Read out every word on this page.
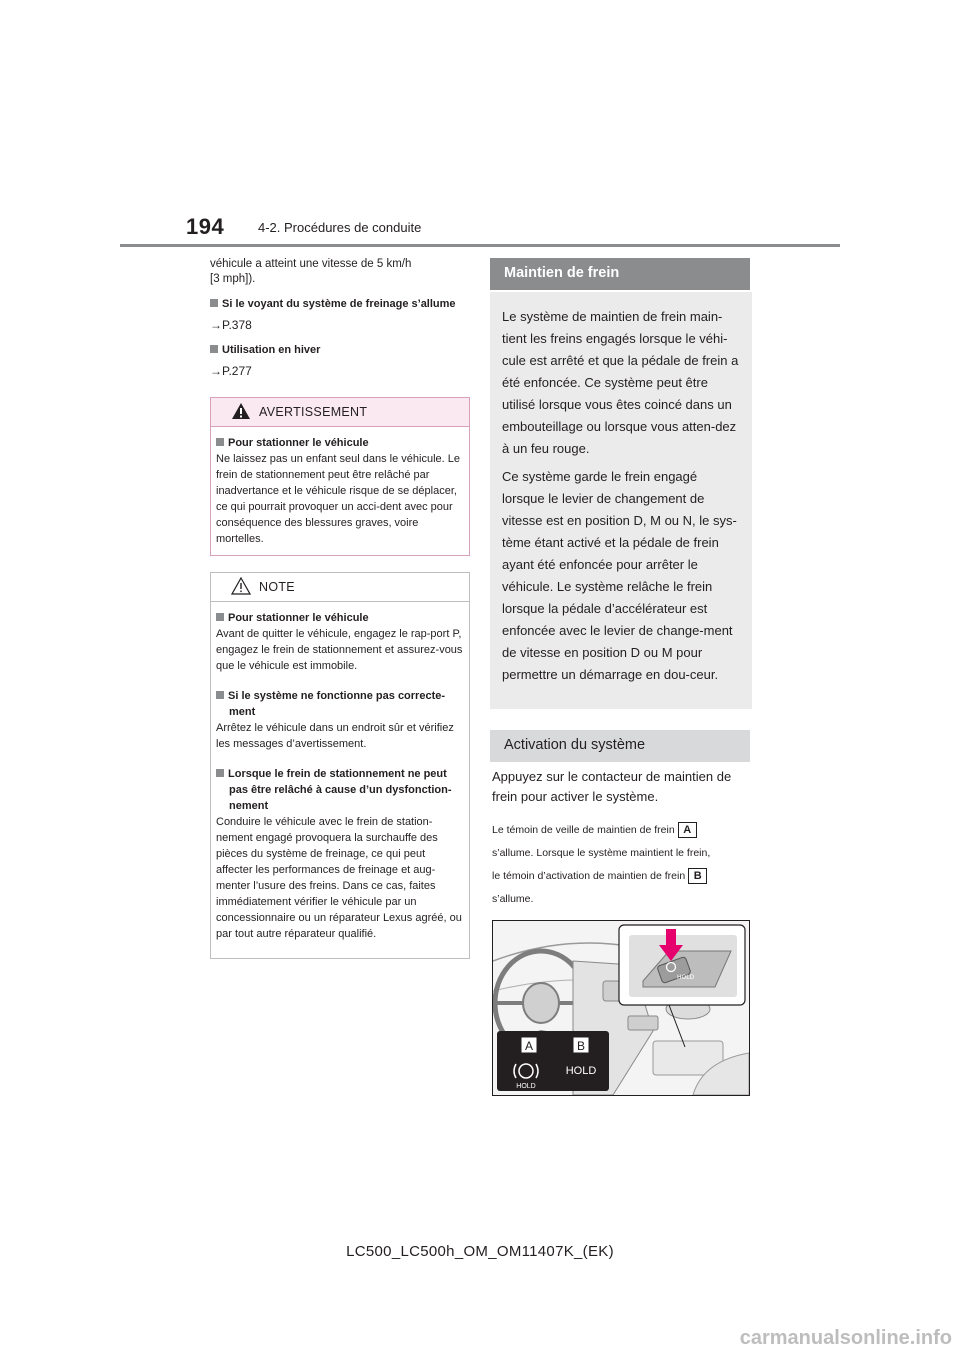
194	4-2. Procédures de conduite

véhicule a atteint une vitesse de 5 km/h

[3 mph]).

Si le voyant du système de freinage s’allume

→P.378

Utilisation en hiver

→P.277

AVERTISSEMENT

Pour stationner le véhicule

Ne laissez pas un enfant seul dans le véhicule. Le frein de stationnement peut être relâché par inadvertance et le véhicule risque de se déplacer, ce qui pourrait provoquer un acci-dent avec pour conséquence des blessures graves, voire mortelles.

NOTE

Pour stationner le véhicule

Avant de quitter le véhicule, engagez le rap-port P, engagez le frein de stationnement et assurez-vous que le véhicule est immobile.

Si le système ne fonctionne pas correcte-ment

Arrêtez le véhicule dans un endroit sûr et vérifiez les messages d’avertissement.

Lorsque le frein de stationnement ne peut pas être relâché à cause d’un dysfonction-nement

Conduire le véhicule avec le frein de station-nement engagé provoquera la surchauffe des pièces du système de freinage, ce qui peut affecter les performances de freinage et aug-menter l’usure des freins. Dans ce cas, faites immédiatement vérifier le véhicule par un concessionnaire ou un réparateur Lexus agréé, ou par tout autre réparateur qualifié.

Maintien de frein

Le système de maintien de frein main-tient les freins engagés lorsque le véhi-cule est arrêté et que la pédale de frein a été enfoncée. Ce système peut être utilisé lorsque vous êtes coincé dans un embouteillage ou lorsque vous atten-dez à un feu rouge.

Ce système garde le frein engagé lorsque le levier de changement de vitesse est en position D, M ou N, le sys-tème étant activé et la pédale de frein ayant été enfoncée pour arrêter le véhicule. Le système relâche le frein lorsque la pédale d’accélérateur est enfoncée avec le levier de change-ment de vitesse en position D ou M pour permettre un démarrage en dou-ceur.

Activation du système
Appuyez sur le contacteur de maintien de frein pour activer le système.
Le témoin de veille de maintien de frein A
s’allume. Lorsque le système maintient le frein,
le témoin d’activation de maintien de frein B
s’allume.
HOLD
A	B
HOLD
HOLD
LC500_LC500h_OM_OM11407K_(EK)
carmanualsonline.info
